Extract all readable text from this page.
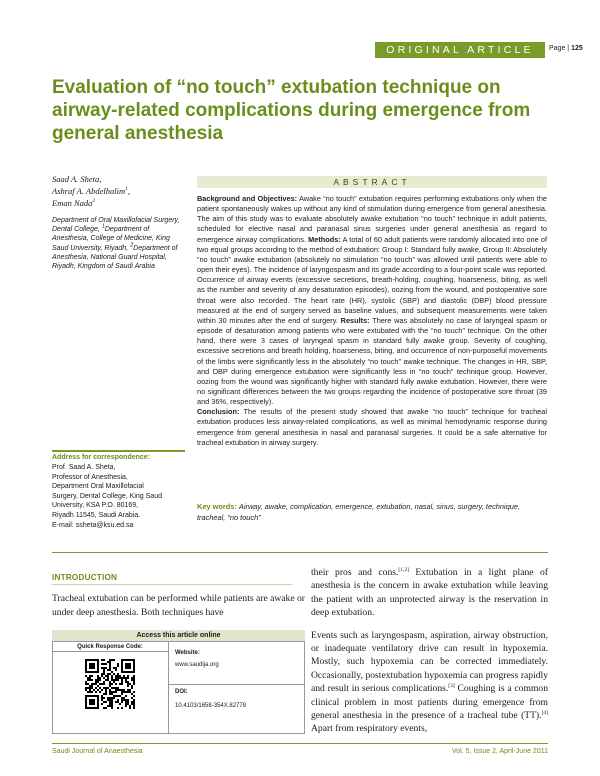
ORIGINAL ARTICLE	Page | 125
Evaluation of “no touch” extubation technique on airway-related complications during emergence from general anesthesia
Saad A. Sheta,
Ashraf A. Abdelhalim$^1$,
Eman Nada$^2$
Department of Oral Maxillofacial Surgery, Dental College, $^1$Department of Anesthesia, College of Medicine, King Saud University, Riyadh, $^2$Department of Anesthesia, National Guard Hospital, Riyadh, Kingdom of Saudi Arabia
Address for correspondence:
Prof. Saad A. Sheta,
Professor of Anesthesia,
Department Oral Maxillofacial
Surgery, Dental College, King Saud
University, KSA P.O. 80169,
Riyadh 11545, Saudi Arabia.
E-mail: ssheta@ksu.ed.sa
ABSTRACT
Background and Objectives: Awake “no touch” extubation requires performing extubations only when the patient spontaneously wakes up without any kind of stimulation during emergence from general anesthesia. The aim of this study was to evaluate absolutely awake extubation “no touch” technique in adult patients, scheduled for elective nasal and paranasal sinus surgeries under general anesthesia as regard to emergence airway complications. Methods: A total of 60 adult patients were randomly allocated into one of two equal groups according to the method of extubation: Group I: Standard fully awake, Group II: Absolutely “no touch” awake extubation (absolutely no stimulation “no touch” was allowed until patients were able to open their eyes). The incidence of laryngospasm and its grade according to a four-point scale was reported. Occurrence of airway events (excessive secretions, breath-holding, coughing, hoarseness, biting, as well as the number and severity of any desaturation episodes), oozing from the wound, and postoperative sore throat were also recorded. The heart rate (HR), systolic (SBP) and diastolic (DBP) blood pressure measured at the end of surgery served as baseline values, and subsequent measurements were taken within 30 minutes after the end of surgery. Results: There was absolutely no case of laryngeal spasm or episode of desaturation among patients who were extubated with the “no touch” technique. On the other hand, there were 3 cases of laryngeal spasm in standard fully awake group. Severity of coughing, excessive secretions and breath holding, hoarseness, biting, and occurrence of non-purposeful movements of the limbs were significantly less in the absolutely “no touch” awake technique. The changes in HR, SBP, and DBP during emergence extubation were significantly less in “no touch” technique group. However, oozing from the wound was significantly higher with standard fully awake extubation. However, there were no significant differences between the two groups regarding the incidence of postoperative sore throat (39 and 36%, respectively).
Conclusion: The results of the present study showed that awake “no touch” technique for tracheal extubation produces less airway-related complications, as well as minimal hemodynamic response during emergence from general anesthesia in nasal and paranasal surgeries. It could be a safe alternative for tracheal extubation in airway surgery.
Key words: Airway, awake, complication, emergence, extubation, nasal, sinus, surgery, technique, tracheal, “no touch”
INTRODUCTION
Tracheal extubation can be performed while patients are awake or under deep anesthesia. Both techniques have
Access this article online
Quick Response Code:
Website:
www.saudija.org
DOI:
10.4103/1658-354X.82778

their pros and cons.[1,2] Extubation in a light plane of anesthesia is the concern in awake extubation while leaving the patient with an unprotected airway is the reservation in deep extubation.

Events such as laryngospasm, aspiration, airway obstruction, or inadequate ventilatory drive can result in hypoxemia. Mostly, such hypoxemia can be corrected immediately. Occasionally, postextubation hypoxemia can progress rapidly and result in serious complications.[3] Coughing is a common clinical problem in most patients during emergence from general anesthesia in the presence of a tracheal tube (TT).[4] Apart from respiratory events,

Saudi Journal of Anaesthesia	Vol. 5, Issue 2, April-June 2011
